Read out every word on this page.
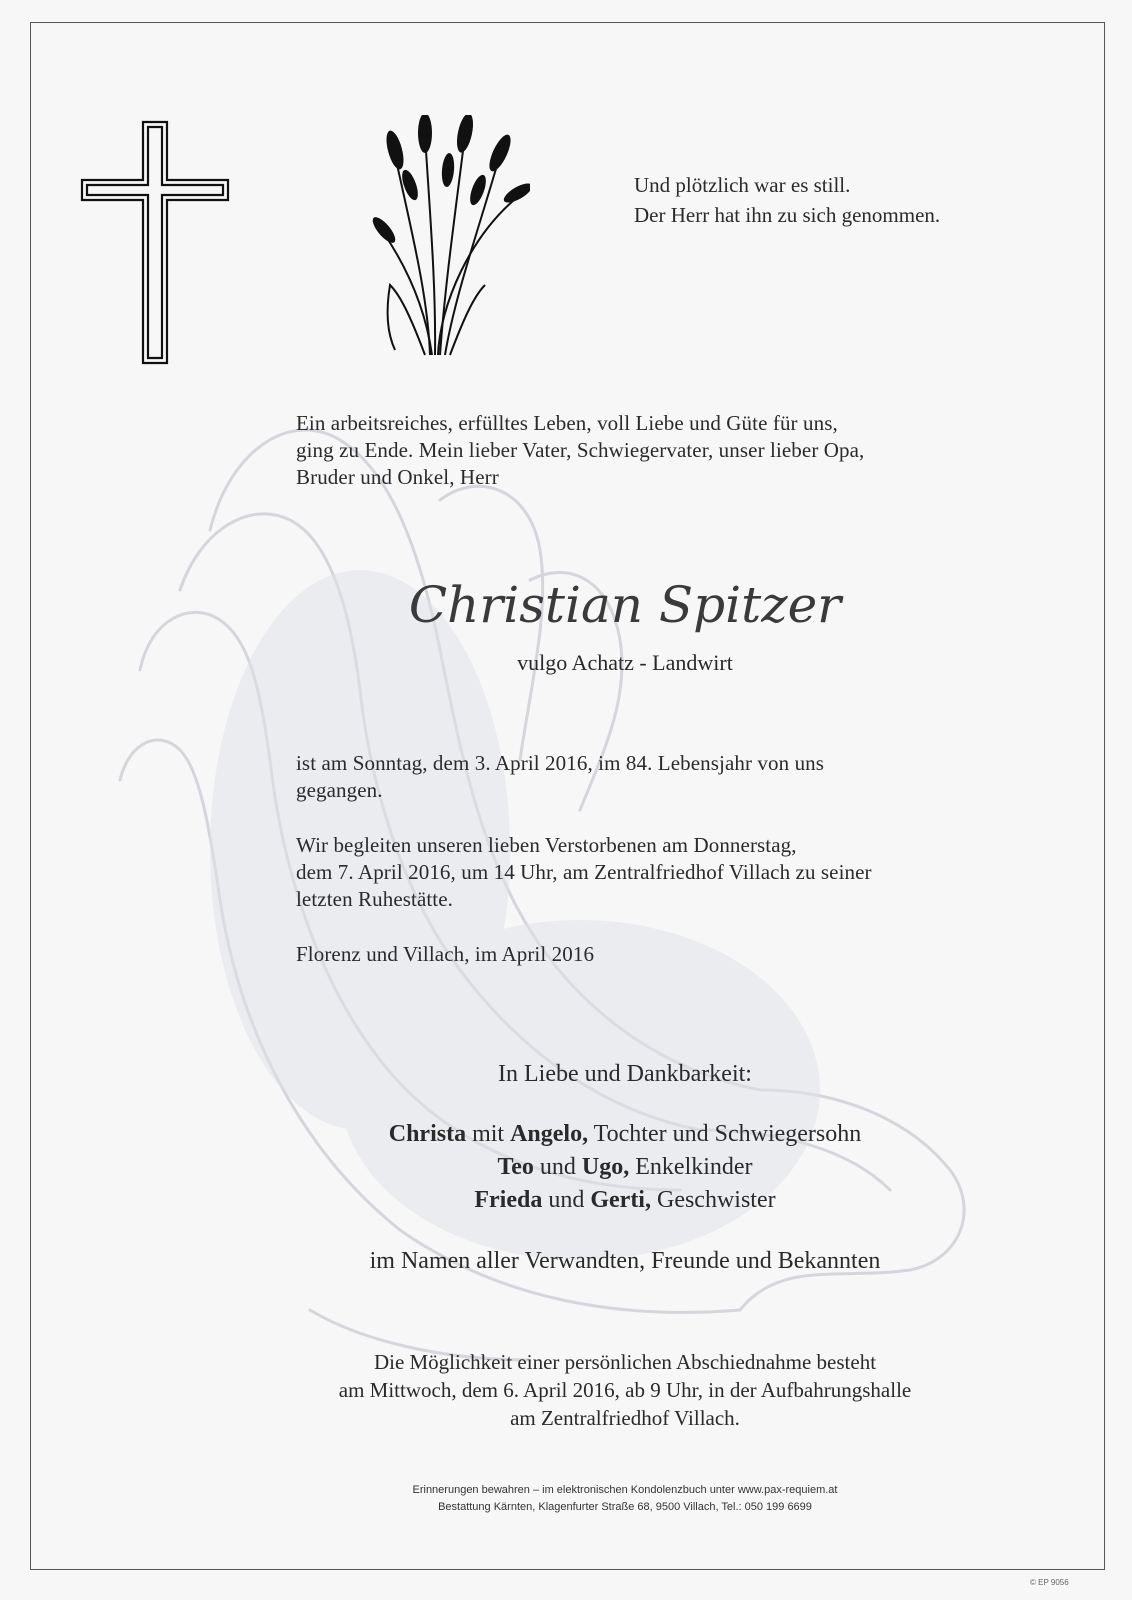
Und plötzlich war es still.
Der Herr hat ihn zu sich genommen.
Ein arbeitsreiches, erfülltes Leben, voll Liebe und Güte für uns,
ging zu Ende. Mein lieber Vater, Schwiegervater, unser lieber Opa,
Bruder und Onkel, Herr
Christian Spitzer
vulgo Achatz - Landwirt
ist am Sonntag, dem 3. April 2016, im 84. Lebensjahr von uns
gegangen.
Wir begleiten unseren lieben Verstorbenen am Donnerstag,
dem 7. April 2016, um 14 Uhr, am Zentralfriedhof Villach zu seiner
letzten Ruhestätte.
Florenz und Villach, im April 2016
In Liebe und Dankbarkeit:
Christa mit Angelo, Tochter und Schwiegersohn
Teo und Ugo, Enkelkinder
Frieda und Gerti, Geschwister
im Namen aller Verwandten, Freunde und Bekannten
Die Möglichkeit einer persönlichen Abschiednahme besteht
am Mittwoch, dem 6. April 2016, ab 9 Uhr, in der Aufbahrungshalle
am Zentralfriedhof Villach.
Erinnerungen bewahren – im elektronischen Kondolenzbuch unter www.pax-requiem.at
Bestattung Kärnten, Klagenfurter Straße 68, 9500 Villach, Tel.: 050 199 6699
© EP 9056
